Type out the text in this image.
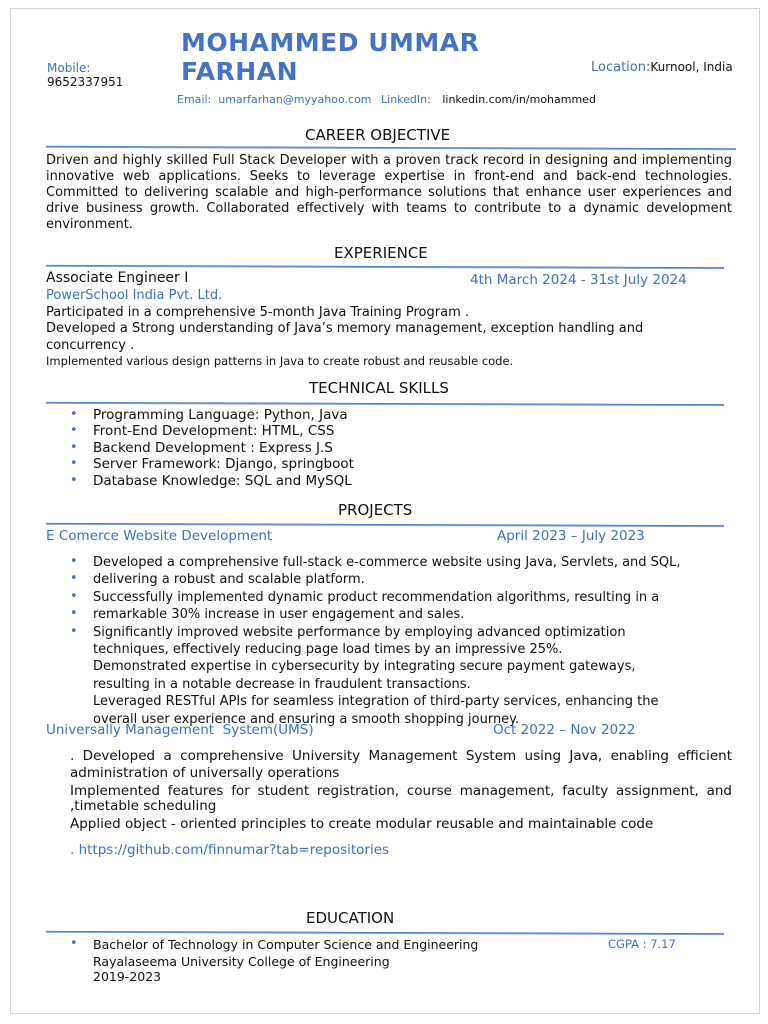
Mobile:
9652337951
MOHAMMED UMMAR
FARHAN	Location:Kurnool, India
Email:  umarfarhan@myyahoo.com LinkedIn: linkedin.com/in/mohammed
CAREER OBJECTIVE
Driven and highly skilled Full Stack Developer with a proven track record in designing and implementing innovative web applications. Seeks to leverage expertise in front-end and back-end technologies. Committed to delivering scalable and high-performance solutions that enhance user experiences and drive business growth. Collaborated effectively with teams to contribute to a dynamic development environment.
EXPERIENCE
Associate Engineer I	4th March 2024 - 31st July 2024
PowerSchool India Pvt. Ltd.
Participated in a comprehensive 5-month Java Training Program .
Developed a Strong understanding of Java’s memory management, exception handling and
concurrency .
Implemented various design patterns in Java to create robust and reusable code.
TECHNICAL SKILLS
• Programming Language: Python, Java
• Front-End Development: HTML, CSS
• Backend Development : Express J.S
• Server Framework: Django, springboot
• Database Knowledge: SQL and MySQL
PROJECTS
E Comerce Website Development	April 2023 – July 2023
• Developed a comprehensive full-stack e-commerce website using Java, Servlets, and SQL,
• delivering a robust and scalable platform.
• Successfully implemented dynamic product recommendation algorithms, resulting in a
• remarkable 30% increase in user engagement and sales.
• Significantly improved website performance by employing advanced optimization
techniques, effectively reducing page load times by an impressive 25%.
Demonstrated expertise in cybersecurity by integrating secure payment gateways,
resulting in a notable decrease in fraudulent transactions.
Leveraged RESTful APIs for seamless integration of third-party services, enhancing the
overall user experience and ensuring a smooth shopping journey.
Universally Management  System(UMS)	Oct 2022 – Nov 2022
. Developed a comprehensive University Management System using Java, enabling efficient administration of universally operations
Implemented features for student registration, course management, faculty assignment, and
,timetable scheduling
Applied object - oriented principles to create modular reusable and maintainable code
. https://github.com/finnumar?tab=repositories
EDUCATION
• Bachelor of Technology in Computer Science and Engineering	CGPA : 7.17
Rayalaseema University College of Engineering
2019-2023
